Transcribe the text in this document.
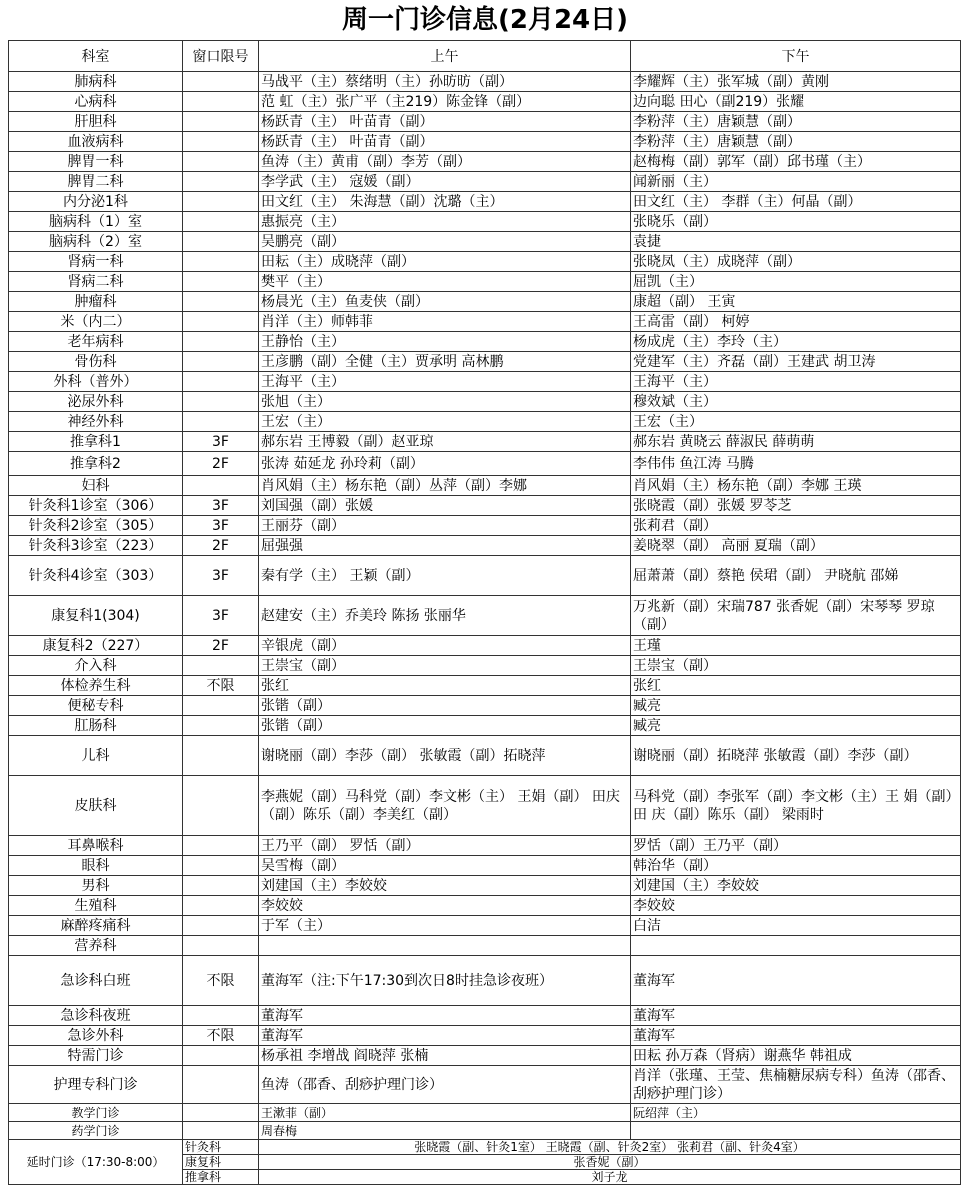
周一门诊信息(2月24日)
科室	窗口限号	上午	下午
肺病科		马战平（主）蔡绪明（主）孙昉昉（副）	李耀辉（主）张军城（副）黄刚
心病科		范 虹（主）张广平（主219）陈金锋（副）	边向聪 田心（副219）张耀
肝胆科		杨跃青（主） 叶苗青（副）	李粉萍（主）唐颖慧（副）
血液病科		杨跃青（主） 叶苗青（副）	李粉萍（主）唐颖慧（副）
脾胃一科		鱼涛（主）黄甫（副）李芳（副）	赵梅梅（副）郭军（副）邱书瑾（主）
脾胃二科		李学武（主） 寇媛（副）	闻新丽（主）
内分泌1科		田文红（主） 朱海慧（副）沈璐（主）	田文红（主） 李群（主）何晶（副）
脑病科（1）室		惠振亮（主）	张晓乐（副）
脑病科（2）室		吴鹏亮（副）	袁捷
肾病一科		田耘（主）成晓萍（副）	张晓凤（主）成晓萍（副）
肾病二科		樊平（主）	屈凯（主）
肿瘤科		杨晨光（主）鱼麦侠（副）	康超（副） 王寅
米（内二）		肖洋（主）师韩菲	王高雷（副） 柯婷
老年病科		王静怡（主）	杨成虎（主）李玲（主）
骨伤科		王彦鹏（副）全健（主）贾承明 高林鹏	党建军（主）齐磊（副）王建武 胡卫涛
外科（普外）		王海平（主）	王海平（主）
泌尿外科		张旭（主）	穆效斌（主）
神经外科		王宏（主）	王宏（主）
推拿科1	3F	郝东岩 王博毅（副）赵亚琼	郝东岩 黄晓云 薛淑民 薛萌萌
推拿科2	2F	张涛 茹延龙 孙玲莉（副）	李伟伟 鱼江涛 马腾
妇科		肖风娟（主）杨东艳（副）丛萍（副）李娜	肖风娟（主）杨东艳（副）李娜 王瑛
针灸科1诊室（306）	3F	刘国强（副）张媛	张晓霞（副）张媛 罗苓芝
针灸科2诊室（305）	3F	王丽芬（副）	张莉君（副）
针灸科3诊室（223）	2F	屈强强	姜晓翠（副） 高丽 夏瑞（副）
针灸科4诊室（303）	3F	秦有学（主） 王颖（副）	屈萧萧（副）蔡艳 侯珺（副） 尹晓航 邵娣
康复科1(304)	3F	赵建安（主）乔美玲 陈扬 张丽华	万兆新（副）宋瑞787 张香妮（副）宋琴琴 罗琼（副）
康复科2（227）	2F	辛银虎（副）	王瑾
介入科		王崇宝（副）	王崇宝（副）
体检养生科	不限	张红	张红
便秘专科		张锴（副）	臧亮
肛肠科		张锴（副）	臧亮
儿科		谢晓丽（副）李莎（副） 张敏霞（副）拓晓萍	谢晓丽（副）拓晓萍 张敏霞（副）李莎（副）
皮肤科		李燕妮（副）马科党（副）李文彬（主） 王娟（副） 田庆（副）陈乐（副）李美红（副）	马科党（副）李张军（副）李文彬（主）王 娟（副）田 庆（副）陈乐（副） 梁雨时
耳鼻喉科		王乃平（副） 罗恬（副）	罗恬（副）王乃平（副）
眼科		吴雪梅（副）	韩治华（副）
男科		刘建国（主）李姣姣	刘建国（主）李姣姣
生殖科		李姣姣	李姣姣
麻醉疼痛科		于军（主）	白洁
营养科			
急诊科白班	不限	董海军（注:下午17:30到次日8时挂急诊夜班）	董海军
急诊科夜班		董海军	董海军
急诊外科	不限	董海军	董海军
特需门诊		杨承祖 李增战 阎晓萍 张楠	田耘 孙万森（肾病）谢燕华 韩祖成
护理专科门诊		鱼涛（邵香、刮痧护理门诊）	肖洋（张瑾、王莹、焦楠糖尿病专科）鱼涛（邵香、刮痧护理门诊）
教学门诊		王漱菲（副）	阮绍萍（主）
药学门诊		周春梅	
延时门诊（17:30-8:00）	针灸科	张晓霞（副、针灸1室） 王晓霞（副、针灸2室） 张莉君（副、针灸4室）	
	康复科	张香妮（副）	
	推拿科	刘子龙	
